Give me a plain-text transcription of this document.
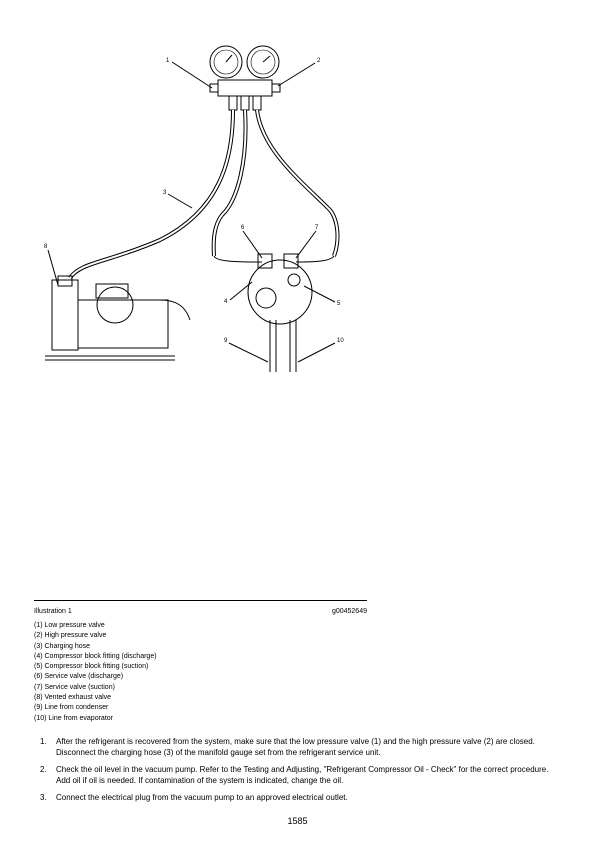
1	2
3
4	5
6	7
8
9	10
Illustration 1	g00452649
(1) Low pressure valve
(2) High pressure valve
(3) Charging hose
(4) Compressor block fitting (discharge)
(5) Compressor block fitting (suction)
(6) Service valve (discharge)
(7) Service valve (suction)
(8) Vented exhaust valve
(9) Line from condenser
(10) Line from evaporator
1.	After the refrigerant is recovered from the system, make sure that the low pressure valve (1) and the high pressure valve (2) are closed. Disconnect the charging hose (3) of the manifold gauge set from the refrigerant service unit.
2.	Check the oil level in the vacuum pump. Refer to the Testing and Adjusting, "Refrigerant Compressor Oil - Check" for the correct procedure. Add oil if oil is needed. If contamination of the system is indicated, change the oil.
3.	Connect the electrical plug from the vacuum pump to an approved electrical outlet.
1585
